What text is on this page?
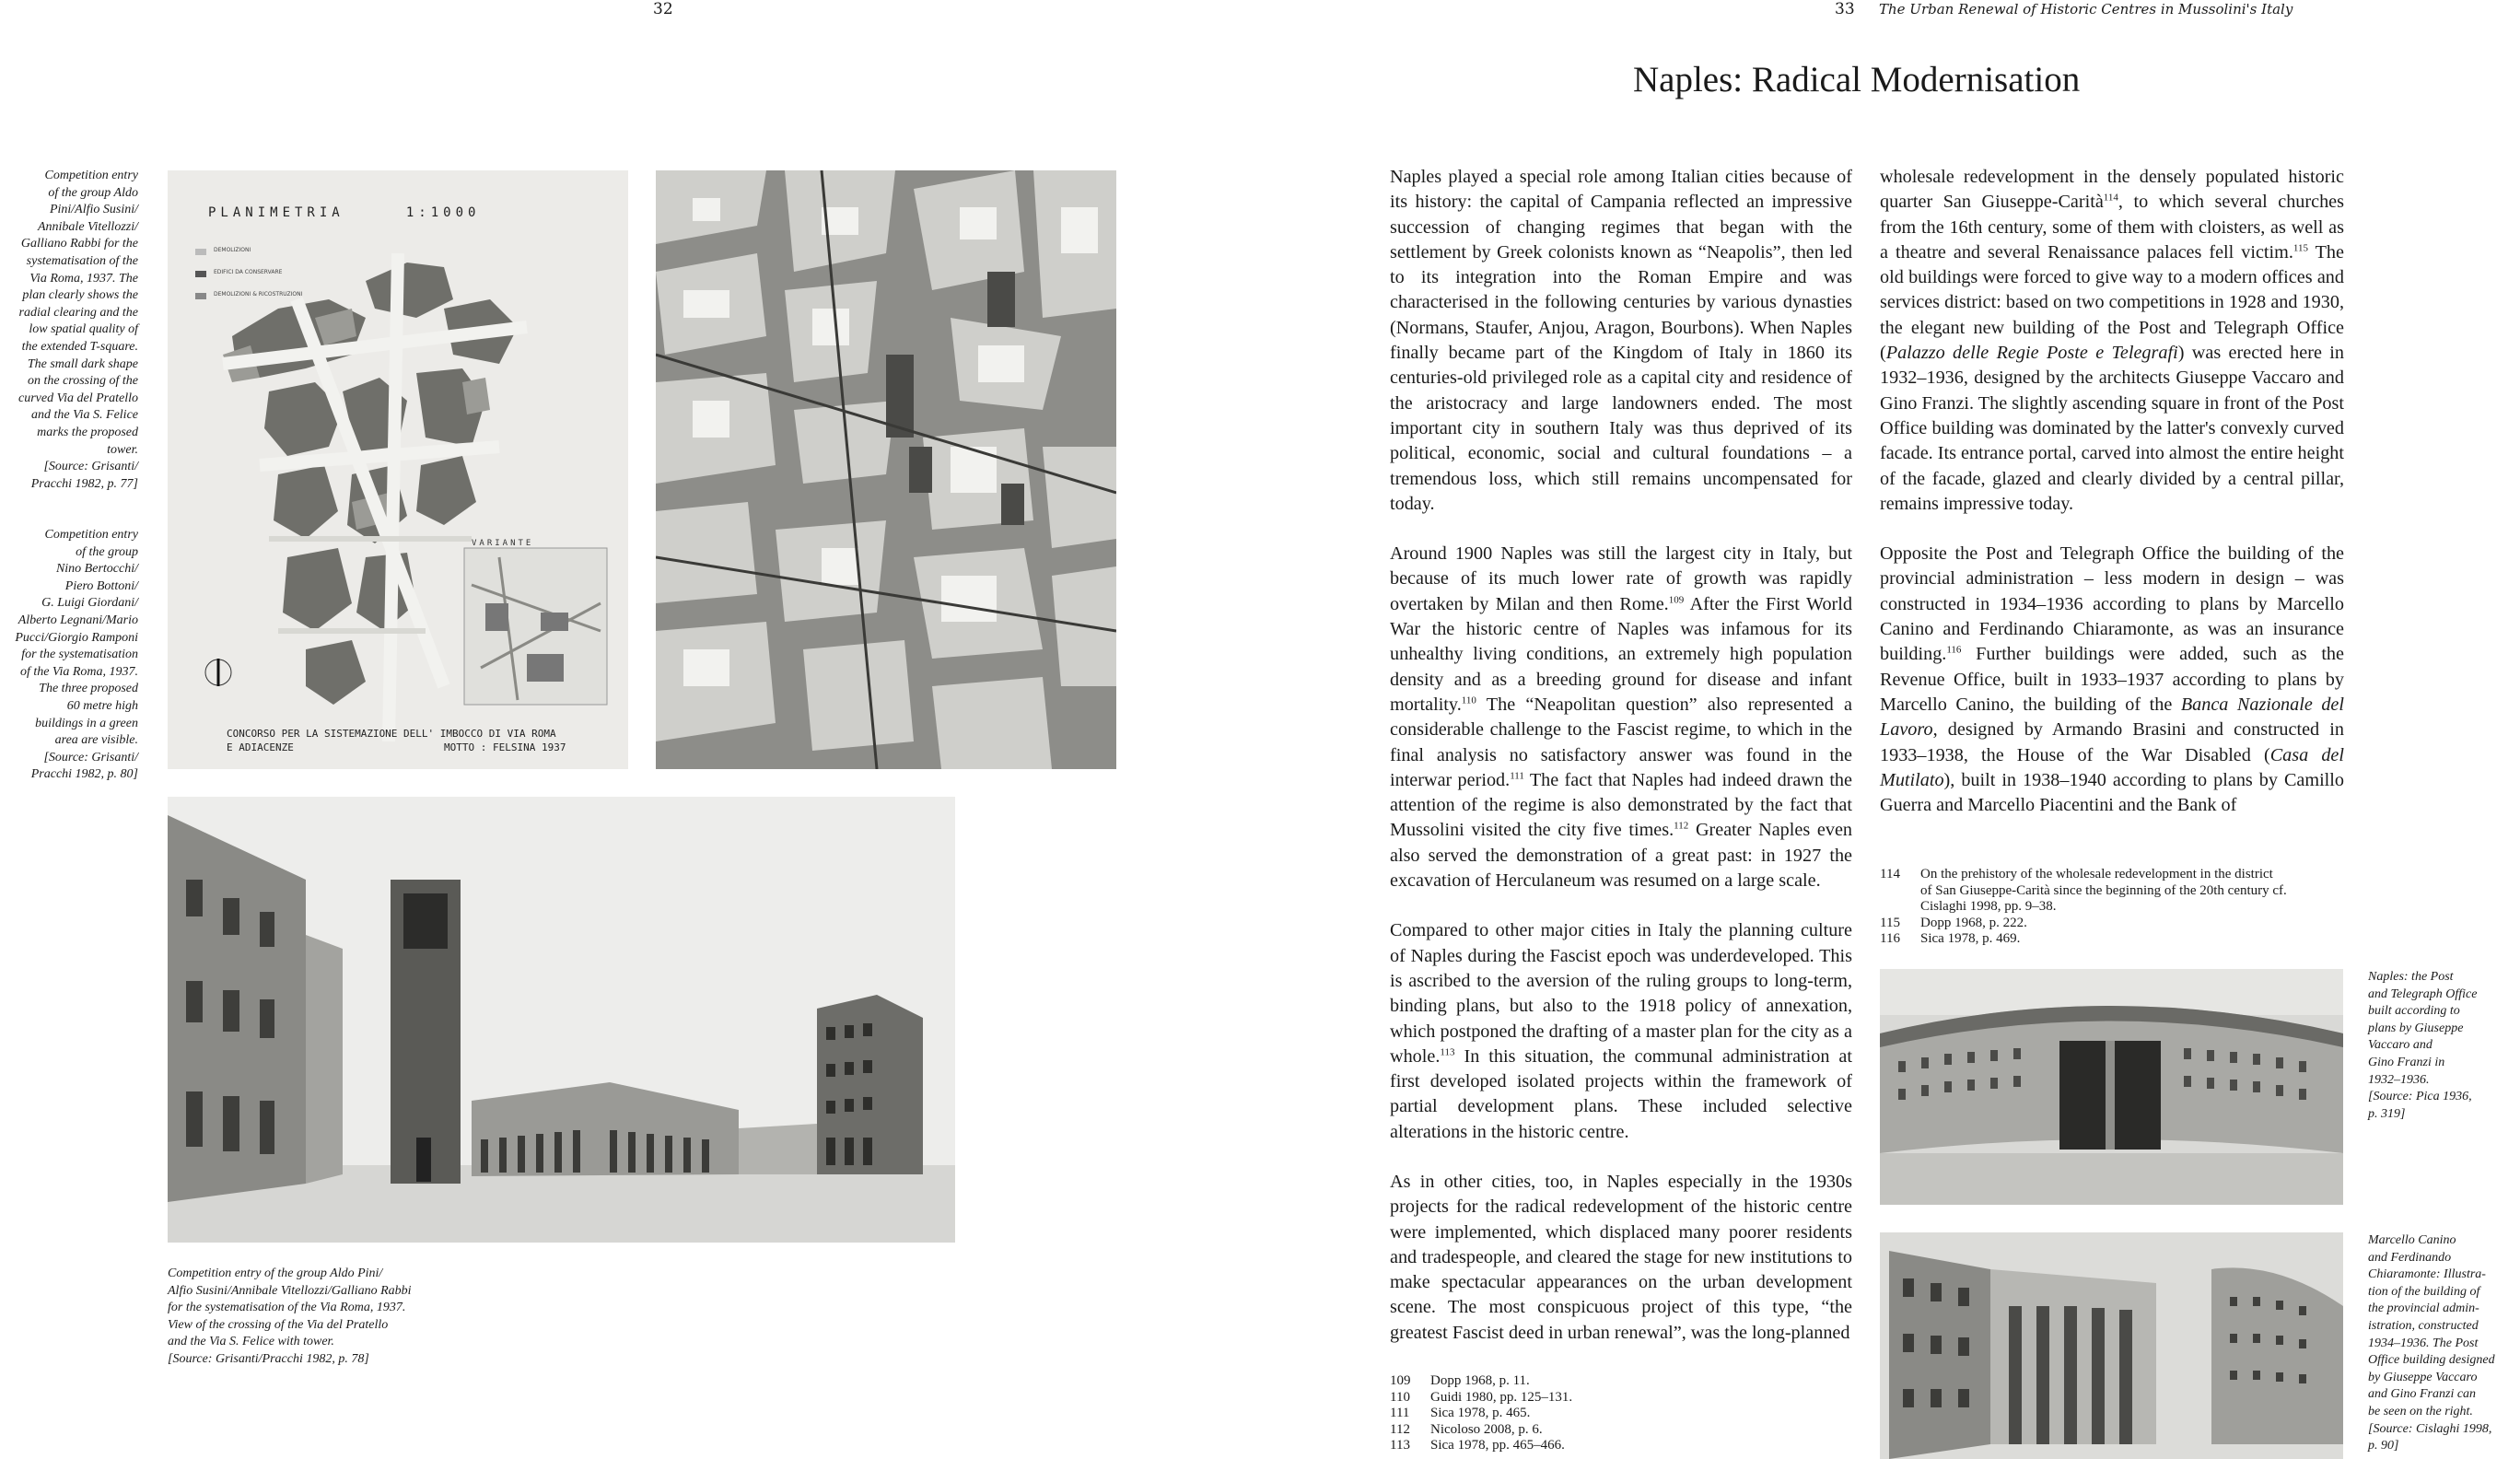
32
Competition entry
of the group Aldo
Pini/Alfio Susini/
Annibale Vitellozzi/
Galliano Rabbi for the
systematisation of the
Via Roma, 1937. The
plan clearly shows the
radial clearing and the
low spatial quality of
the extended T-square.
The small dark shape
on the crossing of the
curved Via del Pratello
and the Via S. Felice
marks the proposed
tower.
[Source: Grisanti/
Pracchi 1982, p. 77]
Competition entry
of the group
Nino Bertocchi/
Piero Bottoni/
G. Luigi Giordani/
Alberto Legnani/Mario
Pucci/Giorgio Ramponi
for the systematisation
of the Via Roma, 1937.
The three proposed
60 metre high
buildings in a green
area are visible.
[Source: Grisanti/
Pracchi 1982, p. 80]
PLANIMETRIA     1:1000
DEMOLIZIONI
EDIFICI DA CONSERVARE
DEMOLIZIONI & RICOSTRUZIONI
VARIANTE
CONCORSO PER LA SISTEMAZIONE DELL' IMBOCCO DI VIA ROMA
E ADIACENZE	MOTTO : FELSINA 1937
Competition entry of the group Aldo Pini/
Alfio Susini/Annibale Vitellozzi/Galliano Rabbi
for the systematisation of the Via Roma, 1937.
View of the crossing of the Via del Pratello
and the Via S. Felice with tower.
[Source: Grisanti/Pracchi 1982, p. 78]
33 The Urban Renewal of Historic Centres in Mussolini's Italy
Naples: Radical Modernisation

Naples played a special role among Italian cities because of its history: the capital of Campania reflected an impressive succession of changing regimes that began with the settlement by Greek colonists known as “Neapolis”, then led to its integration into the Roman Empire and was characterised in the following centuries by various dynasties (Normans, Staufer, Anjou, Aragon, Bourbons). When Naples finally became part of the Kingdom of Italy in 1860 its centuries-old privileged role as a capital city and residence of the aristocracy and large landowners ended. The most important city in southern Italy was thus deprived of its political, economic, social and cultural foundations – a tremendous loss, which still remains uncompensated for today.

Around 1900 Naples was still the largest city in Italy, but because of its much lower rate of growth was rapidly overtaken by Milan and then Rome.$^{109}$ After the First World War the historic centre of Naples was infamous for its unhealthy living conditions, an extremely high population density and as a breeding ground for disease and infant mortality.$^{110}$ The “Neapolitan question” also represented a considerable challenge to the Fascist regime, to which in the final analysis no satisfactory answer was found in the interwar period.$^{111}$ The fact that Naples had indeed drawn the attention of the regime is also demonstrated by the fact that Mussolini visited the city five times.$^{112}$ Greater Naples even also served the demonstration of a great past: in 1927 the excavation of Herculaneum was resumed on a large scale.

Compared to other major cities in Italy the planning culture of Naples during the Fascist epoch was underdeveloped. This is ascribed to the aversion of the ruling groups to long-term, binding plans, but also to the 1918 policy of annexation, which postponed the drafting of a master plan for the city as a whole.$^{113}$ In this situation, the communal administration at first developed isolated projects within the framework of partial development plans. These included selective alterations in the historic centre.

As in other cities, too, in Naples especially in the 1930s projects for the radical redevelopment of the historic centre were implemented, which displaced many poorer residents and tradespeople, and cleared the stage for new institutions to make spectacular appearances on the urban development scene. The most conspicuous project of this type, “the greatest Fascist deed in urban renewal”, was the long-planned

wholesale redevelopment in the densely populated historic quarter San Giuseppe-Carità$^{114}$, to which several churches from the 16th century, some of them with cloisters, as well as a theatre and several Renaissance palaces fell victim.$^{115}$ The old buildings were forced to give way to a modern offices and services district: based on two competitions in 1928 and 1930, the elegant new building of the Post and Telegraph Office (Palazzo delle Regie Poste e Telegrafi) was erected here in 1932–1936, designed by the architects Giuseppe Vaccaro and Gino Franzi. The slightly ascending square in front of the Post Office building was dominated by the latter's convexly curved facade. Its entrance portal, carved into almost the entire height of the facade, glazed and clearly divided by a central pillar, remains impressive today.

Opposite the Post and Telegraph Office the building of the provincial administration – less modern in design – was constructed in 1934–1936 according to plans by Marcello Canino and Ferdinando Chiaramonte, as was an insurance building.$^{116}$ Further buildings were added, such as the Revenue Office, built in 1933–1937 according to plans by Marcello Canino, the building of the Banca Nazionale del Lavoro, designed by Armando Brasini and constructed in 1933–1938, the House of the War Disabled (Casa del Mutilato), built in 1938–1940 according to plans by Camillo Guerra and Marcello Piacentini and the Bank of

114	On the prehistory of the wholesale redevelopment in the district
of San Giuseppe-Carità since the beginning of the 20th century cf.
Cislaghi 1998, pp. 9–38.
115	Dopp 1968, p. 222.
116	Sica 1978, p. 469.
109	Dopp 1968, p. 11.
110	Guidi 1980, pp. 125–131.
111	Sica 1978, p. 465.
112	Nicoloso 2008, p. 6.
113	Sica 1978, pp. 465–466.
Naples: the Post
and Telegraph Office
built according to
plans by Giuseppe
Vaccaro and
Gino Franzi in
1932–1936.
[Source: Pica 1936,
p. 319]
Marcello Canino
and Ferdinando
Chiaramonte: Illustra-
tion of the building of
the provincial admin-
istration, constructed
1934–1936. The Post
Office building designed
by Giuseppe Vaccaro
and Gino Franzi can
be seen on the right.
[Source: Cislaghi 1998,
p. 90]
